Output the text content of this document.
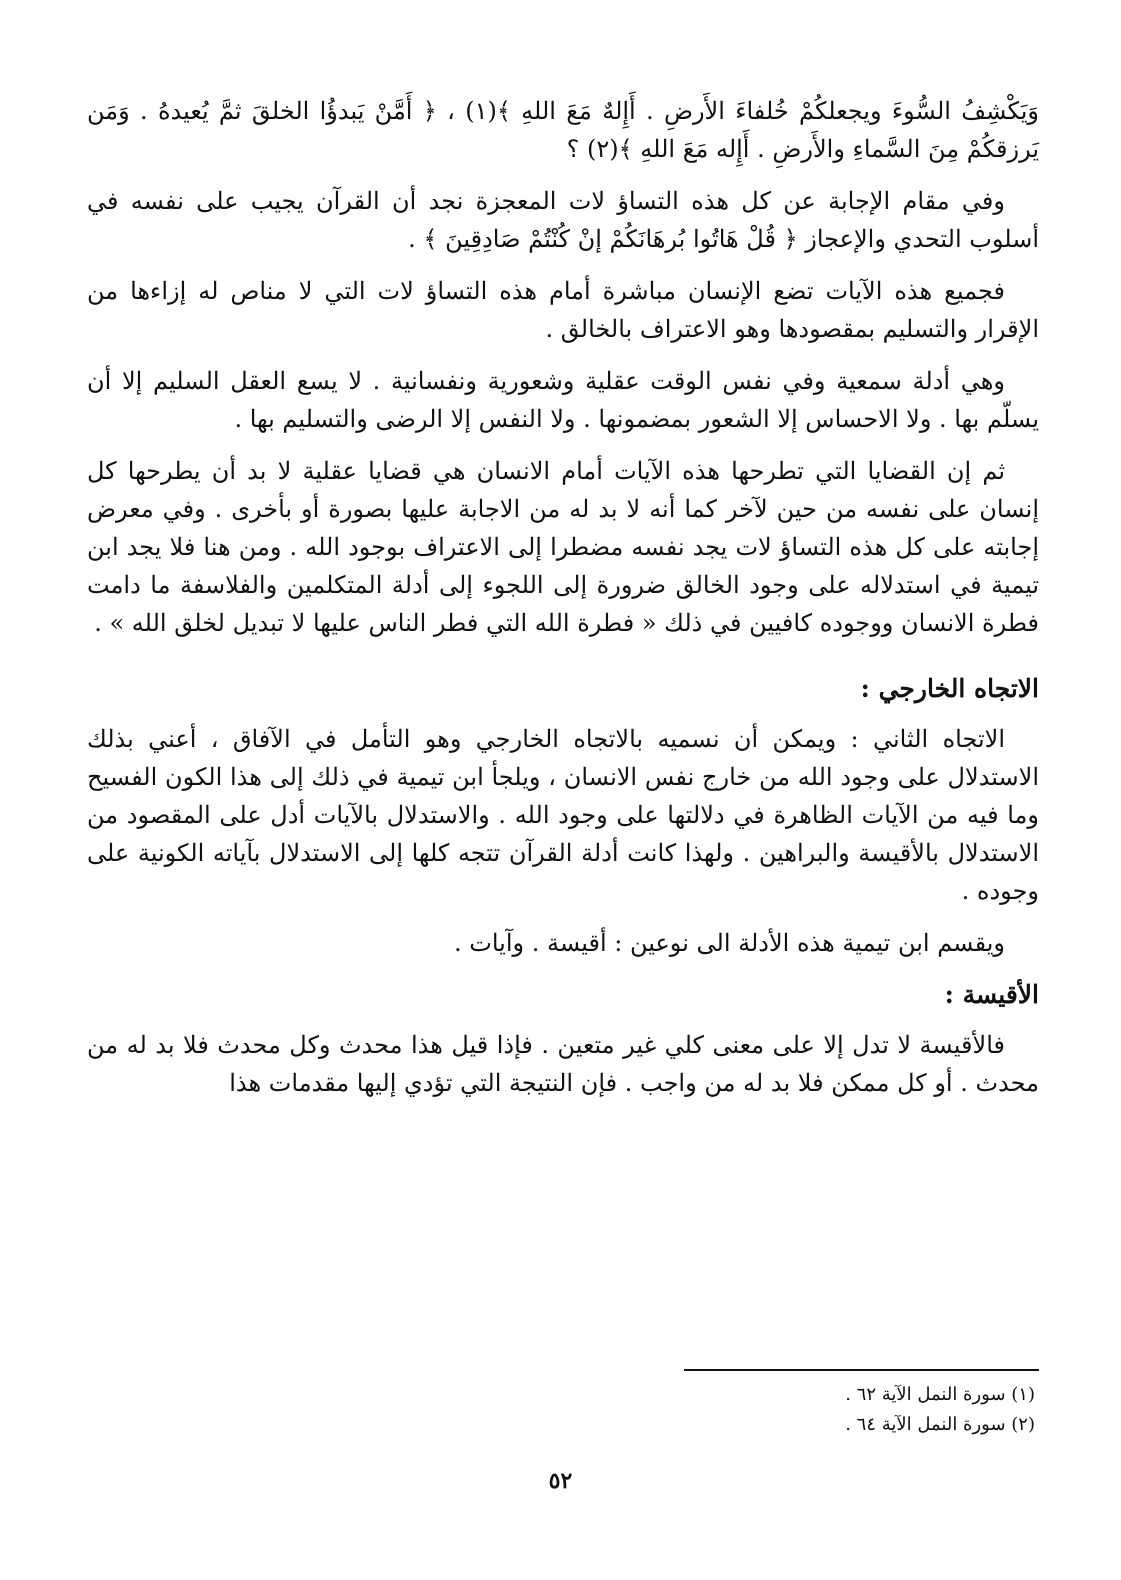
وَيَكْشِفُ السُّوءَ ويجعلكُمْ خُلفاءَ الأَرضِ . أَإِلهٌ مَعَ اللهِ ﴾(١) ، ﴿ أَمَّنْ يَبدؤُا الخلقَ ثمَّ يُعيدهُ . وَمَن يَرزقكُمْ مِنَ السَّماءِ والأَرضِ . أَإِله مَعَ اللهِ ﴾(٢) ؟

وفي مقام الإجابة عن كل هذه التساؤ لات المعجزة نجد أن القرآن يجيب على نفسه في أسلوب التحدي والإعجاز ﴿ قُلْ هَاتُوا بُرهَانَكُمْ إنْ كُنْتُمْ صَادِقِينَ ﴾ .

فجميع هذه الآيات تضع الإنسان مباشرة أمام هذه التساؤ لات التي لا مناص له إزاءها من الإقرار والتسليم بمقصودها وهو الاعتراف بالخالق .

وهي أدلة سمعية وفي نفس الوقت عقلية وشعورية ونفسانية . لا يسع العقل السليم إلا أن يسلّم بها . ولا الاحساس إلا الشعور بمضمونها . ولا النفس إلا الرضى والتسليم بها .

ثم إن القضايا التي تطرحها هذه الآيات أمام الانسان هي قضايا عقلية لا بد أن يطرحها كل إنسان على نفسه من حين لآخر كما أنه لا بد له من الاجابة عليها بصورة أو بأخرى . وفي معرض إجابته على كل هذه التساؤ لات يجد نفسه مضطرا إلى الاعتراف بوجود الله . ومن هنا فلا يجد ابن تيمية في استدلاله على وجود الخالق ضرورة إلى اللجوء إلى أدلة المتكلمين والفلاسفة ما دامت فطرة الانسان ووجوده كافيين في ذلك « فطرة الله التي فطر الناس عليها لا تبديل لخلق الله » .

الاتجاه الخارجي :

الاتجاه الثاني : ويمكن أن نسميه بالاتجاه الخارجي وهو التأمل في الآفاق ، أعني بذلك الاستدلال على وجود الله من خارج نفس الانسان ، ويلجأ ابن تيمية في ذلك إلى هذا الكون الفسيح وما فيه من الآيات الظاهرة في دلالتها على وجود الله . والاستدلال بالآيات أدل على المقصود من الاستدلال بالأقيسة والبراهين . ولهذا كانت أدلة القرآن تتجه كلها إلى الاستدلال بآياته الكونية على وجوده .

ويقسم ابن تيمية هذه الأدلة الى نوعين : أقيسة . وآيات .

الأقيسة :

فالأقيسة لا تدل إلا على معنى كلي غير متعين . فإذا قيل هذا محدث وكل محدث فلا بد له من محدث . أو كل ممكن فلا بد له من واجب . فإن النتيجة التي تؤدي إليها مقدمات هذا

(١) سورة النمل الآية ٦٢ .

(٢) سورة النمل الآية ٦٤ .

٥٢
